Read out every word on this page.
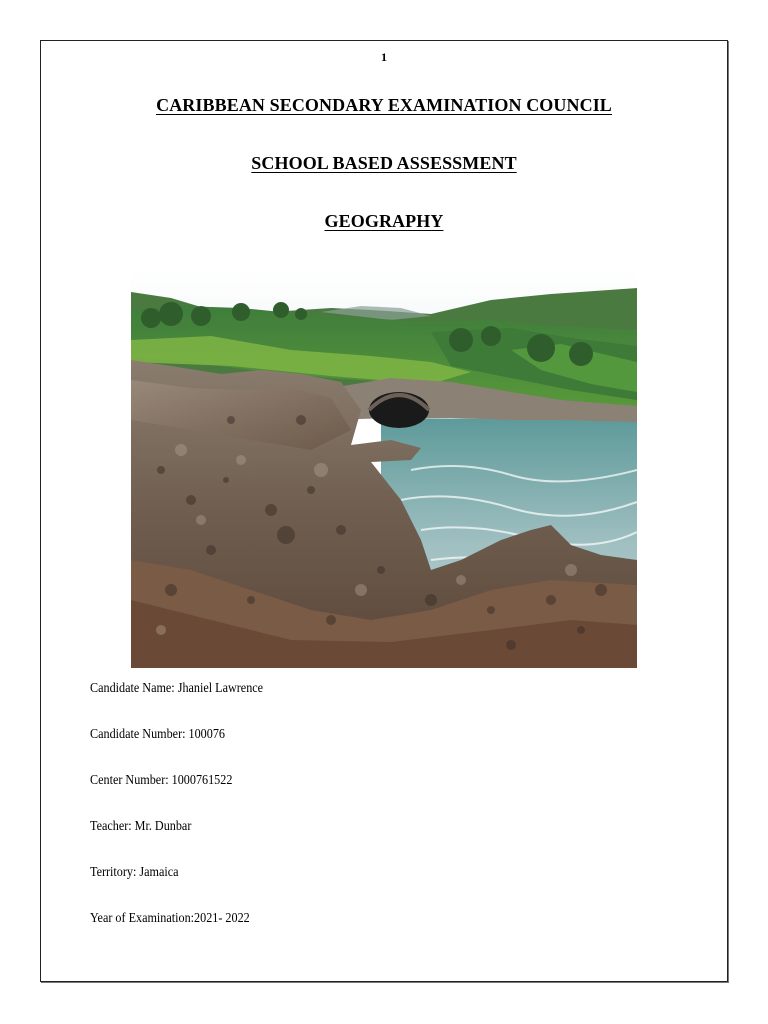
1
CARIBBEAN SECONDARY EXAMINATION COUNCIL
SCHOOL BASED ASSESSMENT
GEOGRAPHY
Candidate Name: Jhaniel Lawrence
Candidate Number: 100076
Center Number: 1000761522
Teacher: Mr. Dunbar
Territory: Jamaica
Year of Examination:2021- 2022
